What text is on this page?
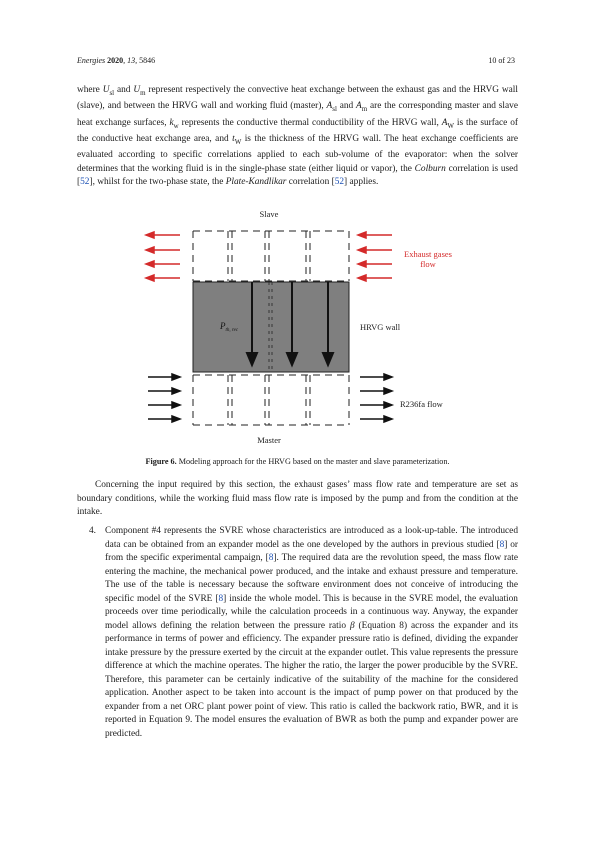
Energies 2020, 13, 5846	10 of 23

where $U_{sl}$ and $U_m$ represent respectively the convective heat exchange between the exhaust gas and the HRVG wall (slave), and between the HRVG wall and working fluid (master), $A_{sl}$ and $A_m$ are the corresponding master and slave heat exchange surfaces, $k_w$ represents the conductive thermal conductibility of the HRVG wall, $A_W$ is the surface of the conductive heat exchange area, and $t_W$ is the thickness of the HRVG wall. The heat exchange coefficients are evaluated according to specific correlations applied to each sub-volume of the evaporator: when the solver determines that the working fluid is in the single-phase state (either liquid or vapor), the Colburn correlation is used [52], whilst for the two-phase state, the Plate-Kandlikar correlation [52] applies.

Slave
Master
$P_{th, rec}$
Exhaust gases
flow
HRVG wall
R236fa flow
Figure 6. Modeling approach for the HRVG based on the master and slave parameterization.
Concerning the input required by this section, the exhaust gases’ mass flow rate and temperature are set as boundary conditions, while the working fluid mass flow rate is imposed by the pump and from the condition at the intake.
4. Component #4 represents the SVRE whose characteristics are introduced as a look-up-table. The introduced data can be obtained from an expander model as the one developed by the authors in previous studied [8] or from the specific experimental campaign, [8]. The required data are the revolution speed, the mass flow rate entering the machine, the mechanical power produced, and the intake and exhaust pressure and temperature. The use of the table is necessary because the software environment does not conceive of introducing the specific model of the SVRE [8] inside the whole model. This is because in the SVRE model, the evaluation proceeds over time periodically, while the calculation proceeds in a continuous way. Anyway, the expander model allows defining the relation between the pressure ratio β (Equation 8) across the expander and its performance in terms of power and efficiency. The expander pressure ratio is defined, dividing the expander intake pressure by the pressure exerted by the circuit at the expander outlet. This value represents the pressure difference at which the machine operates. The higher the ratio, the larger the power producible by the SVRE. Therefore, this parameter can be certainly indicative of the suitability of the machine for the considered application. Another aspect to be taken into account is the impact of pump power on that produced by the expander from a net ORC plant power point of view. This ratio is called the backwork ratio, BWR, and it is reported in Equation 9. The model ensures the evaluation of BWR as both the pump and expander power are predicted.
